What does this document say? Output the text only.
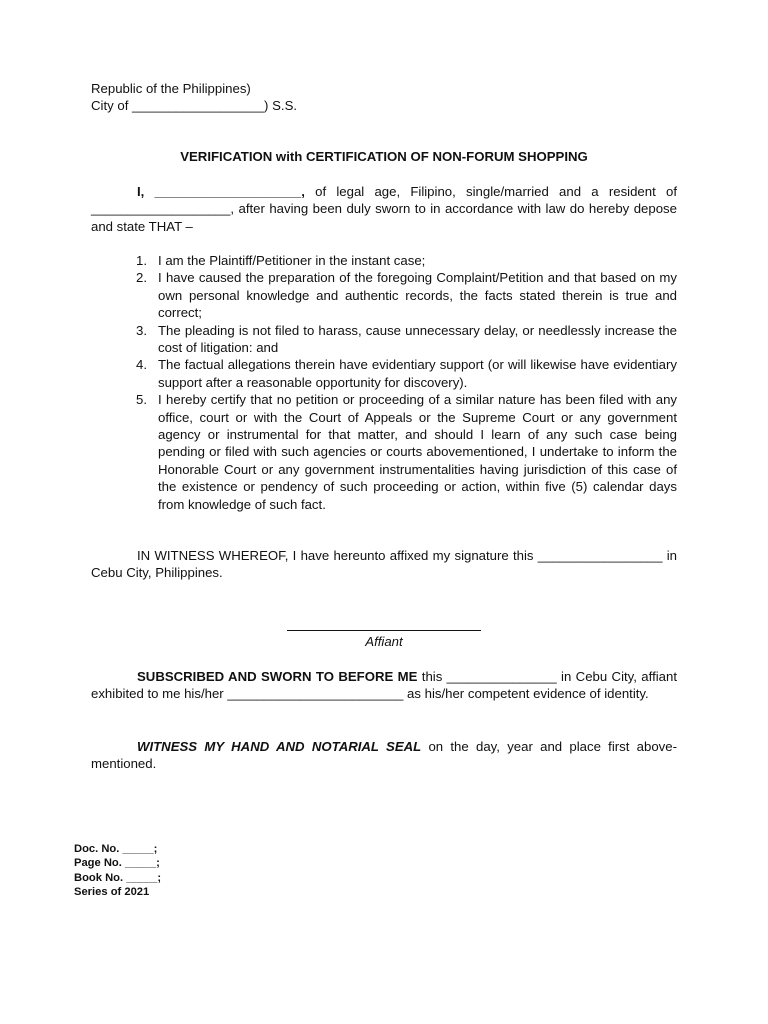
Republic of the Philippines)
City of __________________) S.S.
VERIFICATION with CERTIFICATION OF NON-FORUM SHOPPING
I, ____________________, of legal age, Filipino, single/married and a resident of ___________________, after having been duly sworn to in accordance with law do hereby depose and state THAT –
1. I am the Plaintiff/Petitioner in the instant case;
2. I have caused the preparation of the foregoing Complaint/Petition and that based on my own personal knowledge and authentic records, the facts stated therein is true and correct;
3. The pleading is not filed to harass, cause unnecessary delay, or needlessly increase the cost of litigation: and
4. The factual allegations therein have evidentiary support (or will likewise have evidentiary support after a reasonable opportunity for discovery).
5. I hereby certify that no petition or proceeding of a similar nature has been filed with any office, court or with the Court of Appeals or the Supreme Court or any government agency or instrumental for that matter, and should I learn of any such case being pending or filed with such agencies or courts abovementioned, I undertake to inform the Honorable Court or any government instrumentalities having jurisdiction of this case of the existence or pendency of such proceeding or action, within five (5) calendar days from knowledge of such fact.
IN WITNESS WHEREOF, I have hereunto affixed my signature this _________________ in Cebu City, Philippines.
Affiant
SUBSCRIBED AND SWORN TO BEFORE ME this _______________ in Cebu City, affiant exhibited to me his/her ________________________ as his/her competent evidence of identity.
WITNESS MY HAND AND NOTARIAL SEAL on the day, year and place first above-mentioned.
Doc. No. _____;
Page No. _____;
Book No. _____;
Series of 2021
